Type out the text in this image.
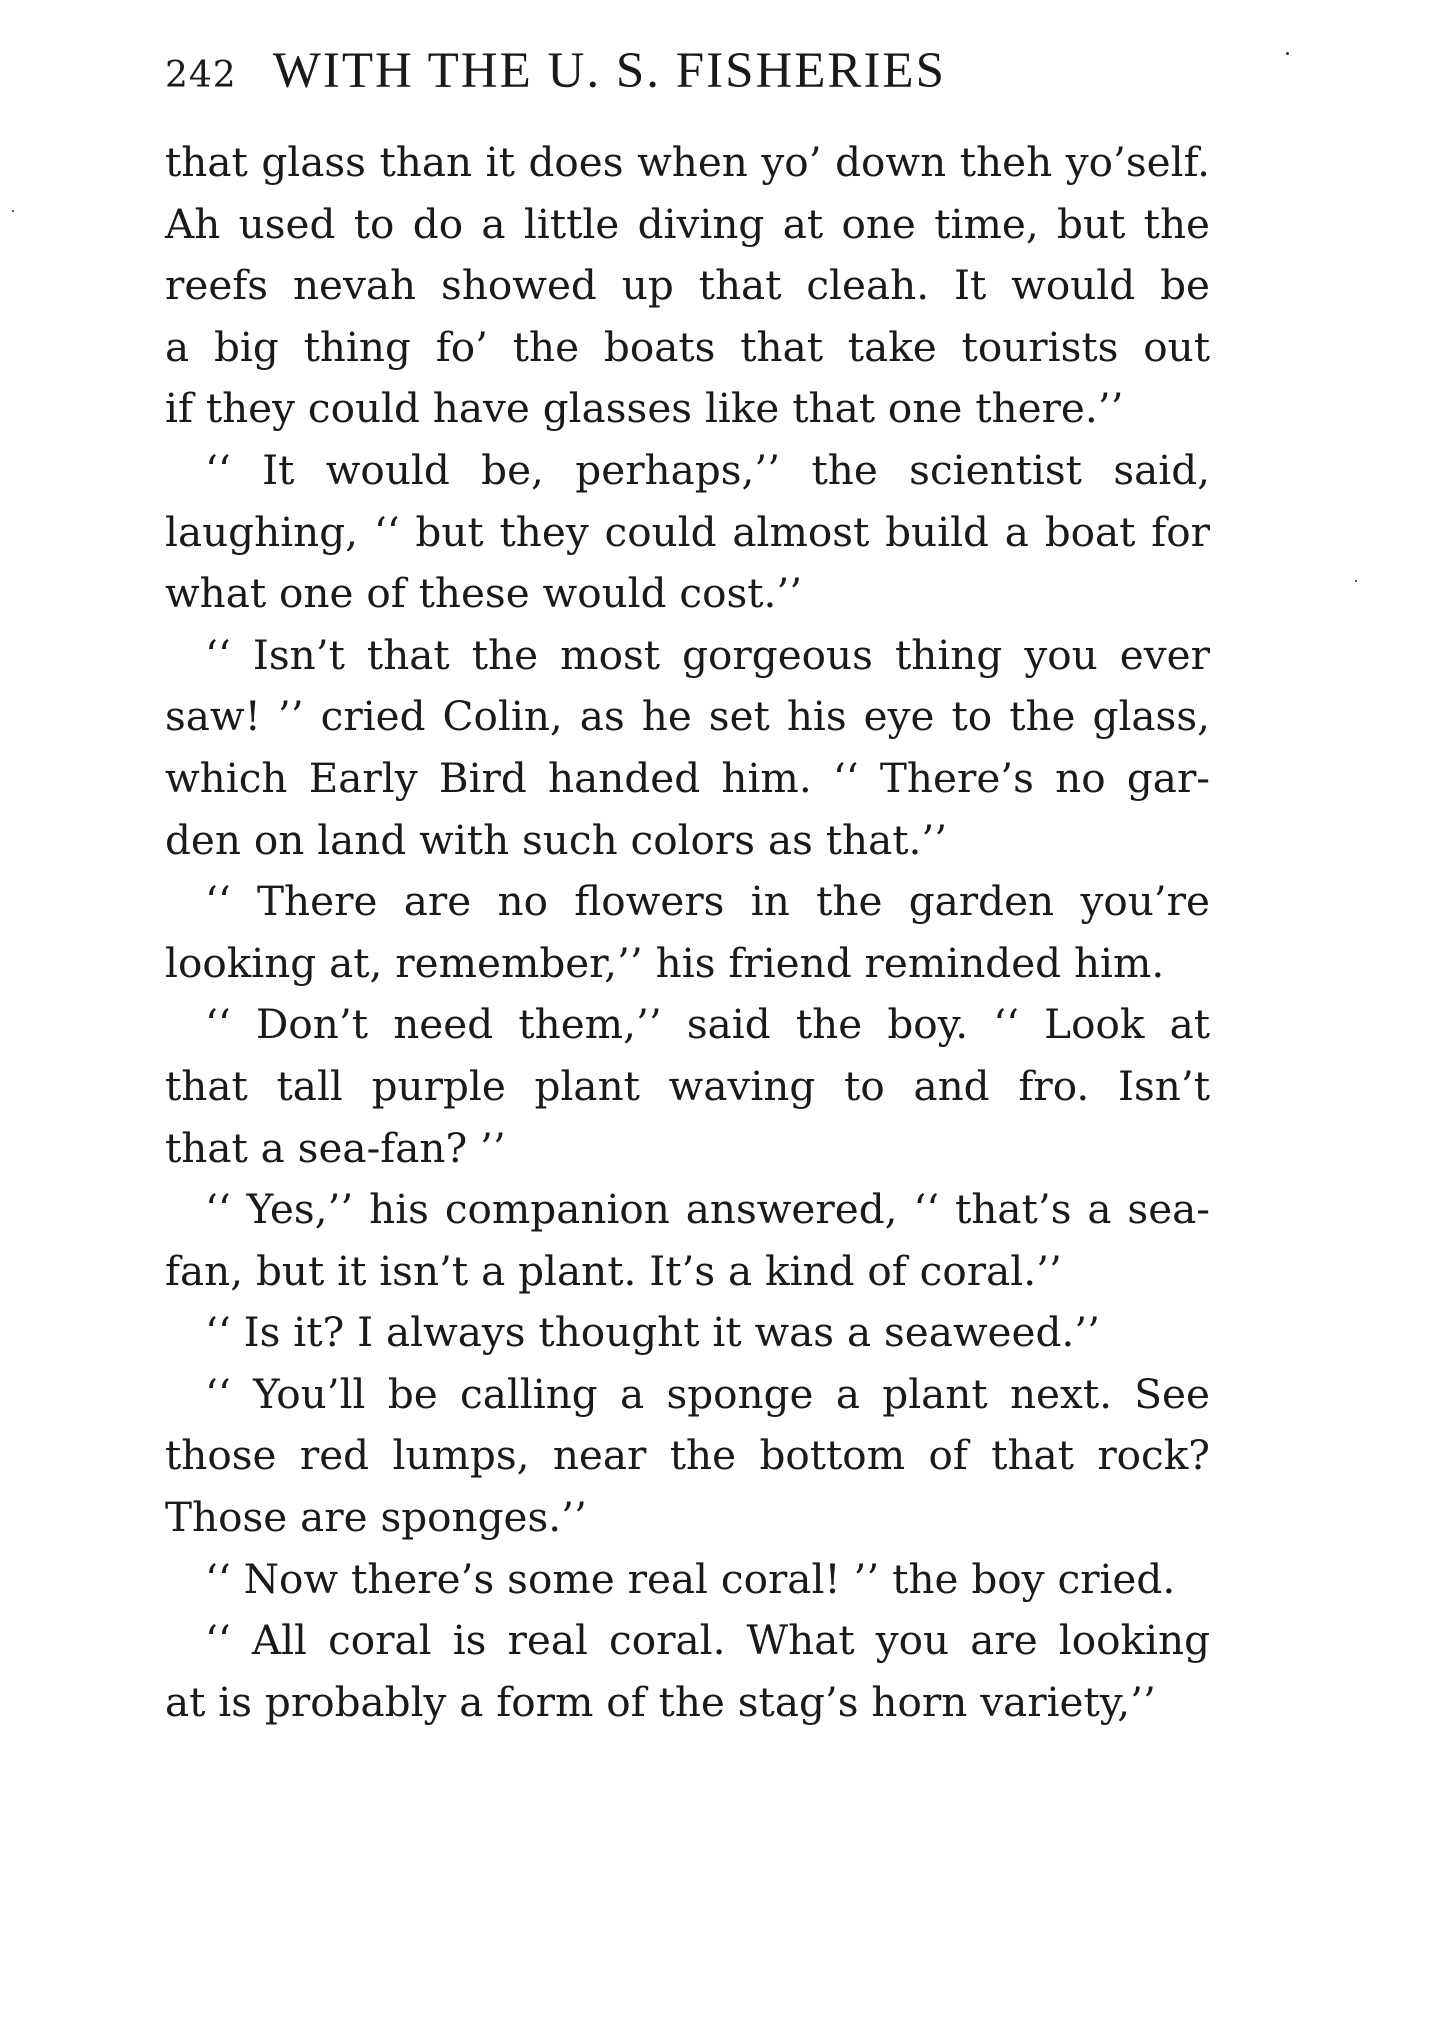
242 WITH THE U. S. FISHERIES
that glass than it does when yo’ down theh yo’self.
Ah used to do a little diving at one time, but the
reefs nevah showed up that cleah. It would be
a big thing fo’ the boats that take tourists out
if they could have glasses like that one there.’’
‘‘ It would be, perhaps,’’ the scientist said,
laughing, ‘‘ but they could almost build a boat for
what one of these would cost.’’
‘‘ Isn’t that the most gorgeous thing you ever
saw! ’’ cried Colin, as he set his eye to the glass,
which Early Bird handed him. ‘‘ There’s no gar-
den on land with such colors as that.’’
‘‘ There are no flowers in the garden you’re
looking at, remember,’’ his friend reminded him.
‘‘ Don’t need them,’’ said the boy. ‘‘ Look at
that tall purple plant waving to and fro. Isn’t
that a sea-fan? ’’
‘‘ Yes,’’ his companion answered, ‘‘ that’s a sea-
fan, but it isn’t a plant. It’s a kind of coral.’’
‘‘ Is it? I always thought it was a seaweed.’’
‘‘ You’ll be calling a sponge a plant next. See
those red lumps, near the bottom of that rock?
Those are sponges.’’
‘‘ Now there’s some real coral! ’’ the boy cried.
‘‘ All coral is real coral. What you are looking
at is probably a form of the stag’s horn variety,’’
